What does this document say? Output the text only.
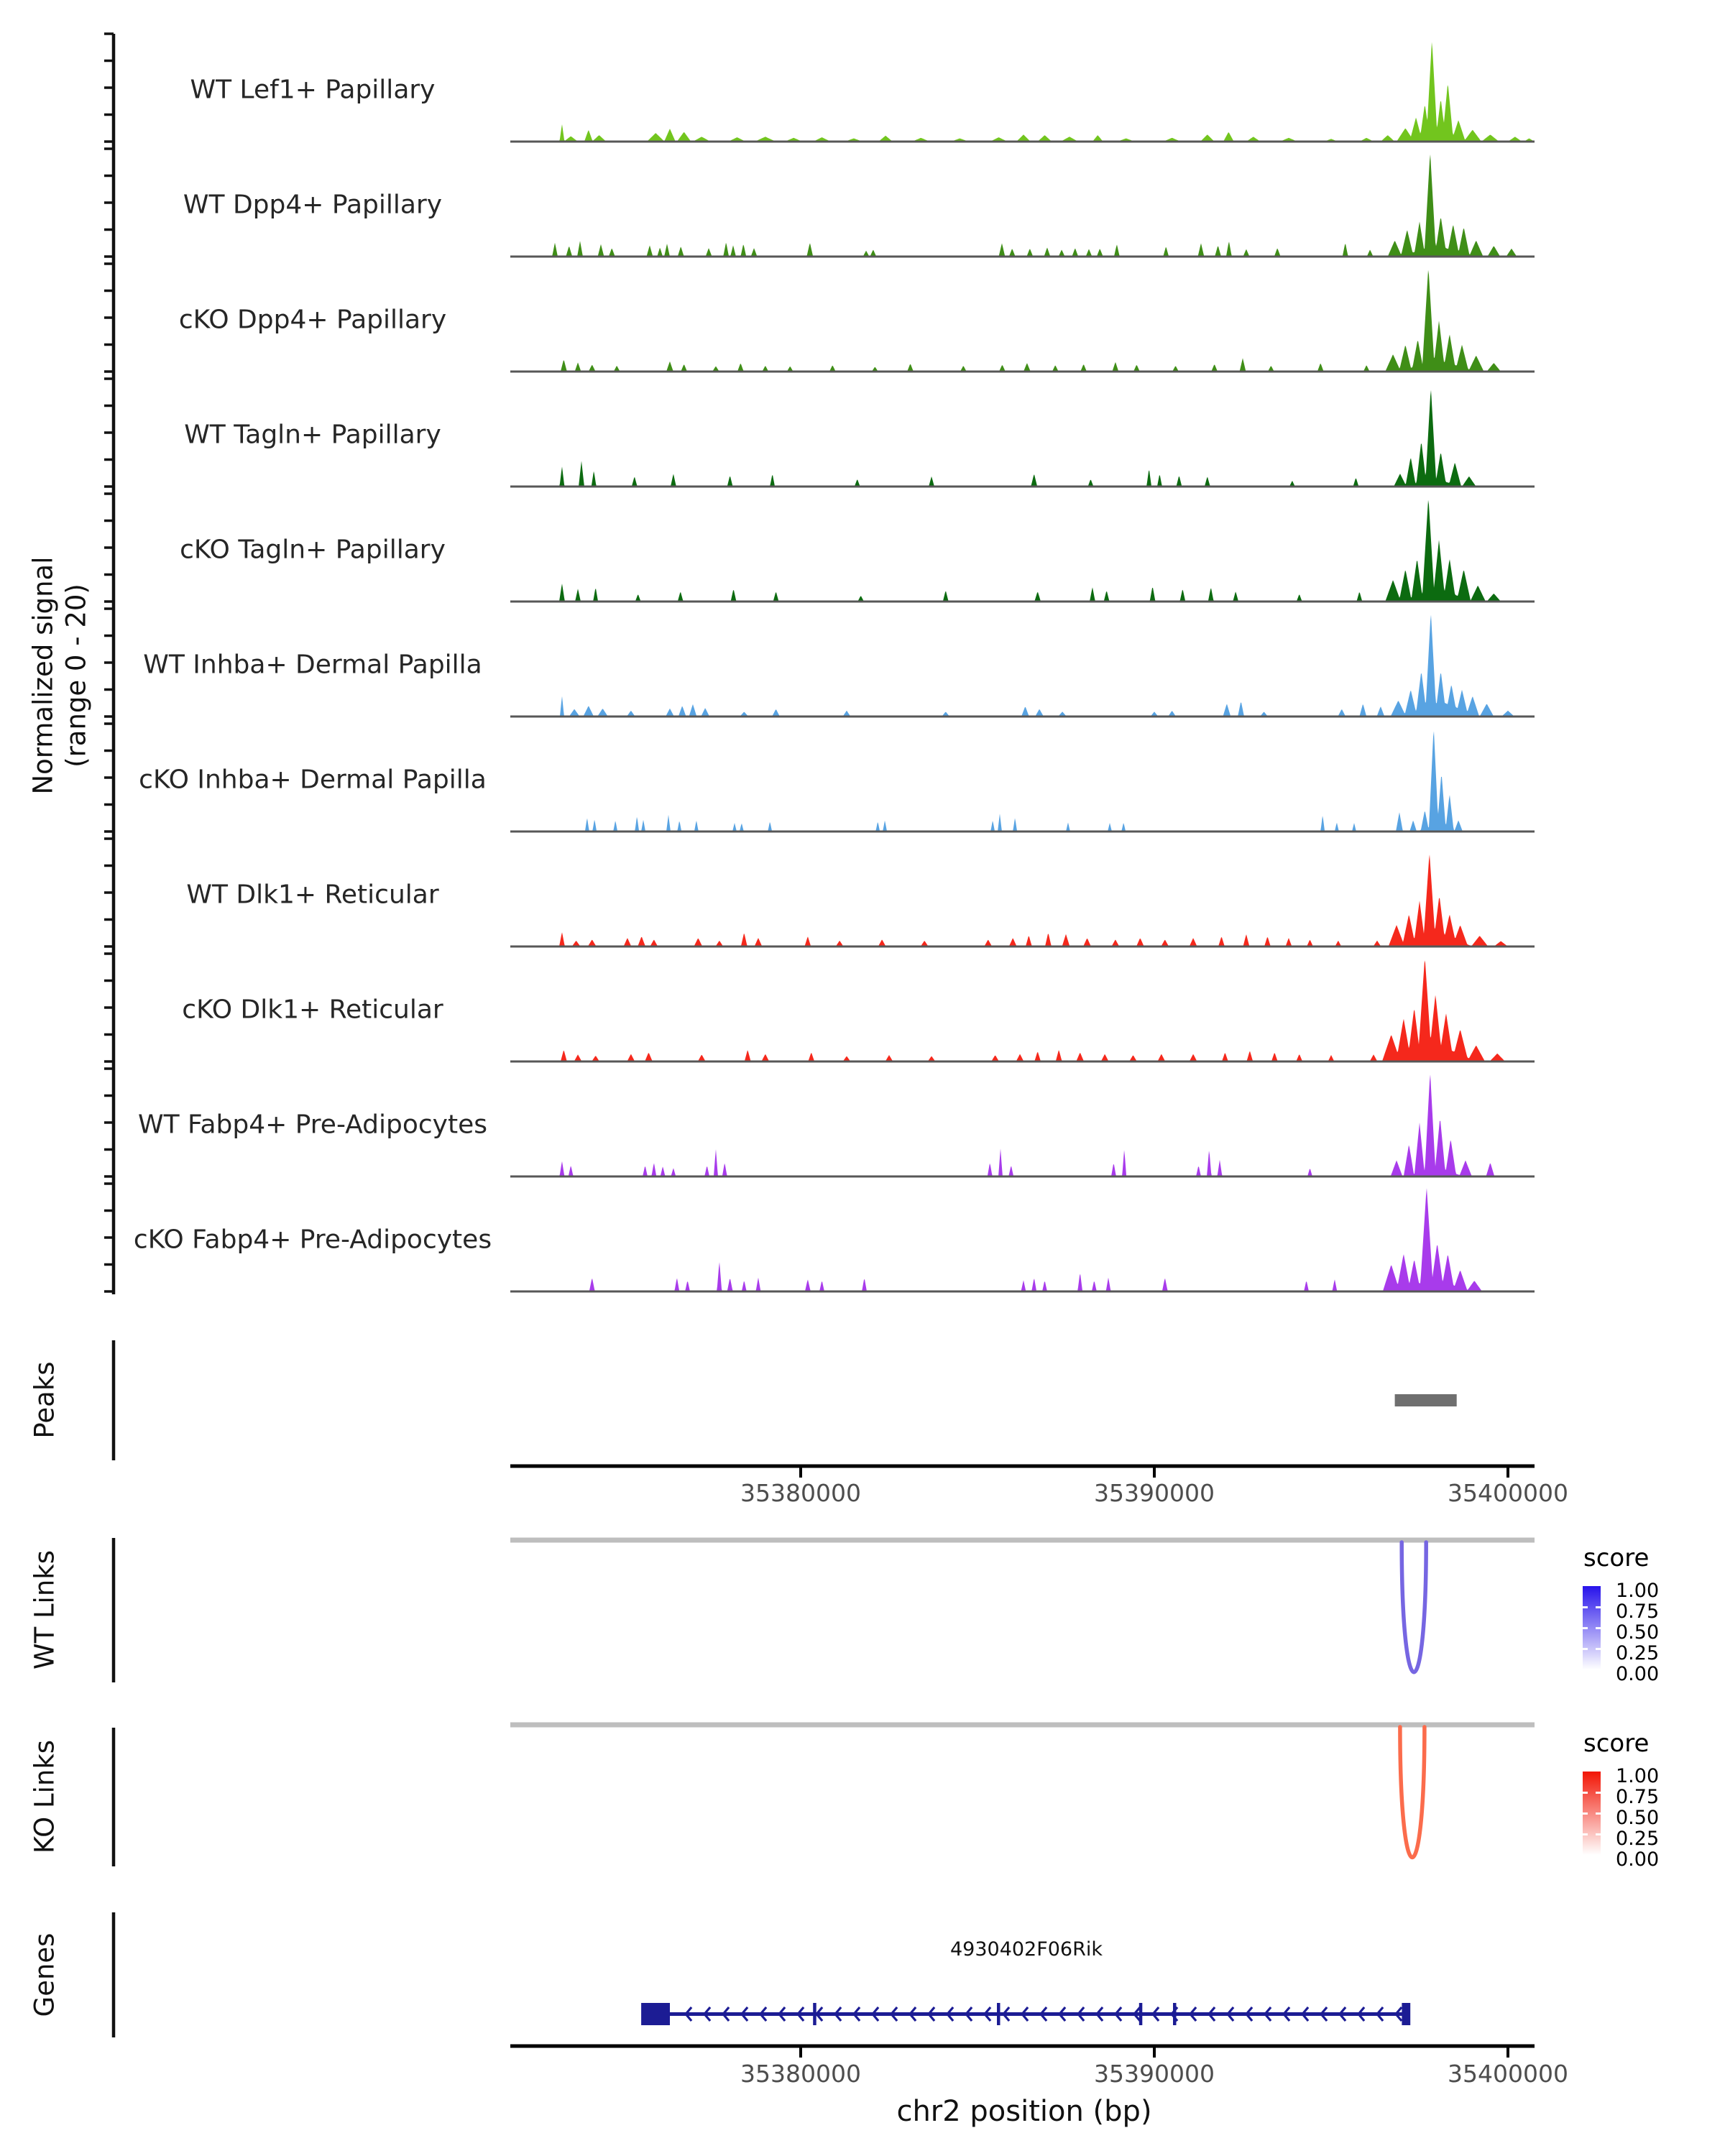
Normalized signal (range 0 - 20)
Peaks
WT Links
KO Links
Genes
WT Lef1+ Papillary
WT Dpp4+ Papillary
cKO Dpp4+ Papillary
WT Tagln+ Papillary
cKO Tagln+ Papillary
WT Inhba+ Dermal Papilla
cKO Inhba+ Dermal Papilla
WT Dlk1+ Reticular
cKO Dlk1+ Reticular
WT Fabp4+ Pre-Adipocytes
cKO Fabp4+ Pre-Adipocytes
35380000	35390000	35400000
score
1.00
0.75
0.50
0.25
0.00
score
1.00
0.75
0.50
0.25
0.00
4930402F06Rik
35380000	35390000	35400000
chr2 position (bp)
